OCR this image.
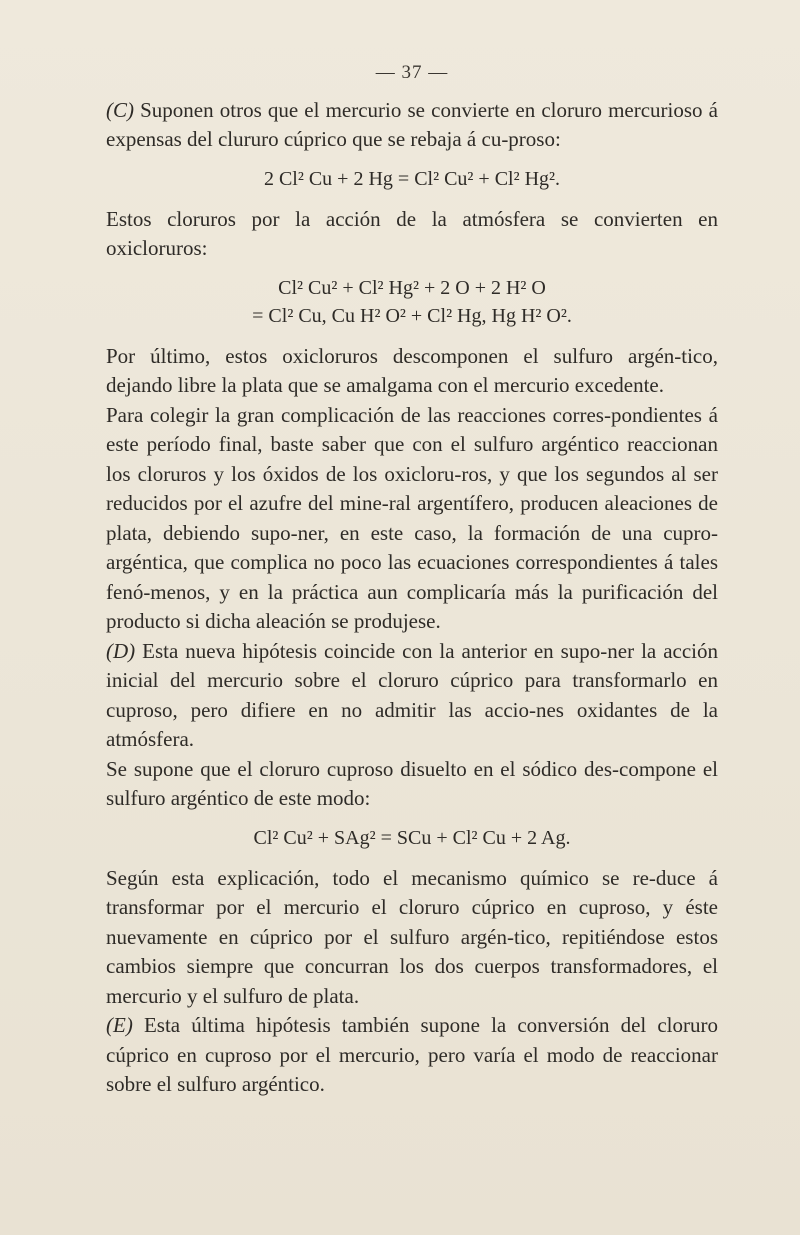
— 37 —

(C) Suponen otros que el mercurio se convierte en cloruro mercurioso á expensas del clururo cúprico que se rebaja á cu-proso:

2 Cl² Cu + 2 Hg = Cl² Cu² + Cl² Hg².

Estos cloruros por la acción de la atmósfera se convierten en oxicloruros:

Cl² Cu² + Cl² Hg² + 2 O + 2 H² O
= Cl² Cu, Cu H² O² + Cl² Hg, Hg H² O².

Por último, estos oxicloruros descomponen el sulfuro argén-tico, dejando libre la plata que se amalgama con el mercurio excedente.

Para colegir la gran complicación de las reacciones corres-pondientes á este período final, baste saber que con el sulfuro argéntico reaccionan los cloruros y los óxidos de los oxicloru-ros, y que los segundos al ser reducidos por el azufre del mine-ral argentífero, producen aleaciones de plata, debiendo supo-ner, en este caso, la formación de una cupro-argéntica, que complica no poco las ecuaciones correspondientes á tales fenó-menos, y en la práctica aun complicaría más la purificación del producto si dicha aleación se produjese.

(D) Esta nueva hipótesis coincide con la anterior en supo-ner la acción inicial del mercurio sobre el cloruro cúprico para transformarlo en cuproso, pero difiere en no admitir las accio-nes oxidantes de la atmósfera.

Se supone que el cloruro cuproso disuelto en el sódico des-compone el sulfuro argéntico de este modo:

Cl² Cu² + SAg² = SCu + Cl² Cu + 2 Ag.

Según esta explicación, todo el mecanismo químico se re-duce á transformar por el mercurio el cloruro cúprico en cuproso, y éste nuevamente en cúprico por el sulfuro argén-tico, repitiéndose estos cambios siempre que concurran los dos cuerpos transformadores, el mercurio y el sulfuro de plata.

(E) Esta última hipótesis también supone la conversión del cloruro cúprico en cuproso por el mercurio, pero varía el modo de reaccionar sobre el sulfuro argéntico.
